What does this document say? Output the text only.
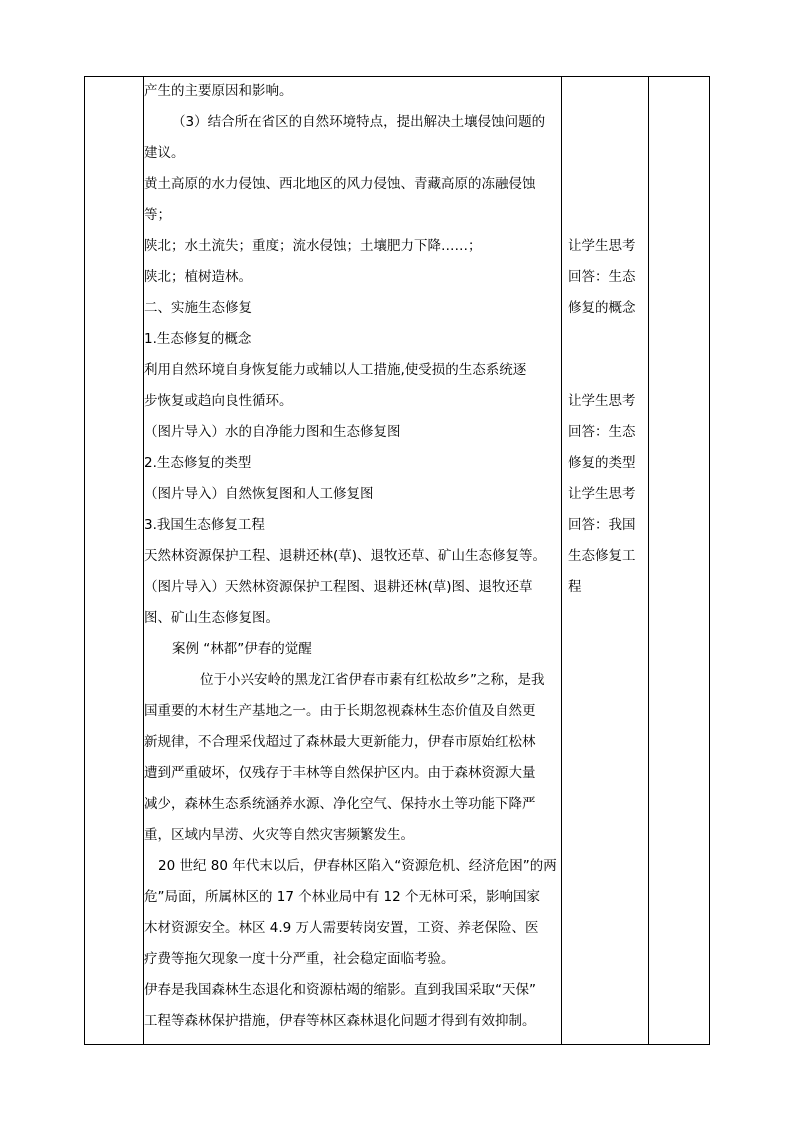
产生的主要原因和影响。
（3）结合所在省区的自然环境特点，提出解决土壤侵蚀问题的
建议。
黄土高原的水力侵蚀、西北地区的风力侵蚀、青藏高原的冻融侵蚀
等；
陕北；水土流失；重度；流水侵蚀；土壤肥力下降……；
陕北；植树造林。
二、实施生态修复
1.生态修复的概念
利用自然环境自身恢复能力或辅以人工措施,使受损的生态系统逐
步恢复或趋向良性循环。
（图片导入）水的自净能力图和生态修复图
2.生态修复的类型
（图片导入）自然恢复图和人工修复图
3.我国生态修复工程
天然林资源保护工程、退耕还林(草)、退牧还草、矿山生态修复等。
（图片导入）天然林资源保护工程图、退耕还林(草)图、退牧还草
图、矿山生态修复图。
案例 “林都”伊春的觉醒
位于小兴安岭的黑龙江省伊春市素有红松故乡”之称，是我
国重要的木材生产基地之一。由于长期忽视森林生态价值及自然更
新规律，不合理采伐超过了森林最大更新能力，伊春市原始红松林
遭到严重破坏，仅残存于丰林等自然保护区内。由于森林资源大量
减少，森林生态系统涵养水源、净化空气、保持水土等功能下降严
重，区域内旱涝、火灾等自然灾害频繁发生。
20 世纪 80 年代末以后，伊春林区陷入“资源危机、经济危困”的两
危”局面，所属林区的 17 个林业局中有 12 个无林可采，影响国家
木材资源安全。林区 4.9 万人需要转岗安置，工资、养老保险、医
疗费等拖欠现象一度十分严重，社会稳定面临考验。
伊春是我国森林生态退化和资源枯竭的缩影。直到我国采取“天保”
工程等森林保护措施，伊春等林区森林退化问题才得到有效抑制。
让学生思考
回答：生态
修复的概念
让学生思考
回答：生态
修复的类型
让学生思考
回答：我国
生态修复工
程
